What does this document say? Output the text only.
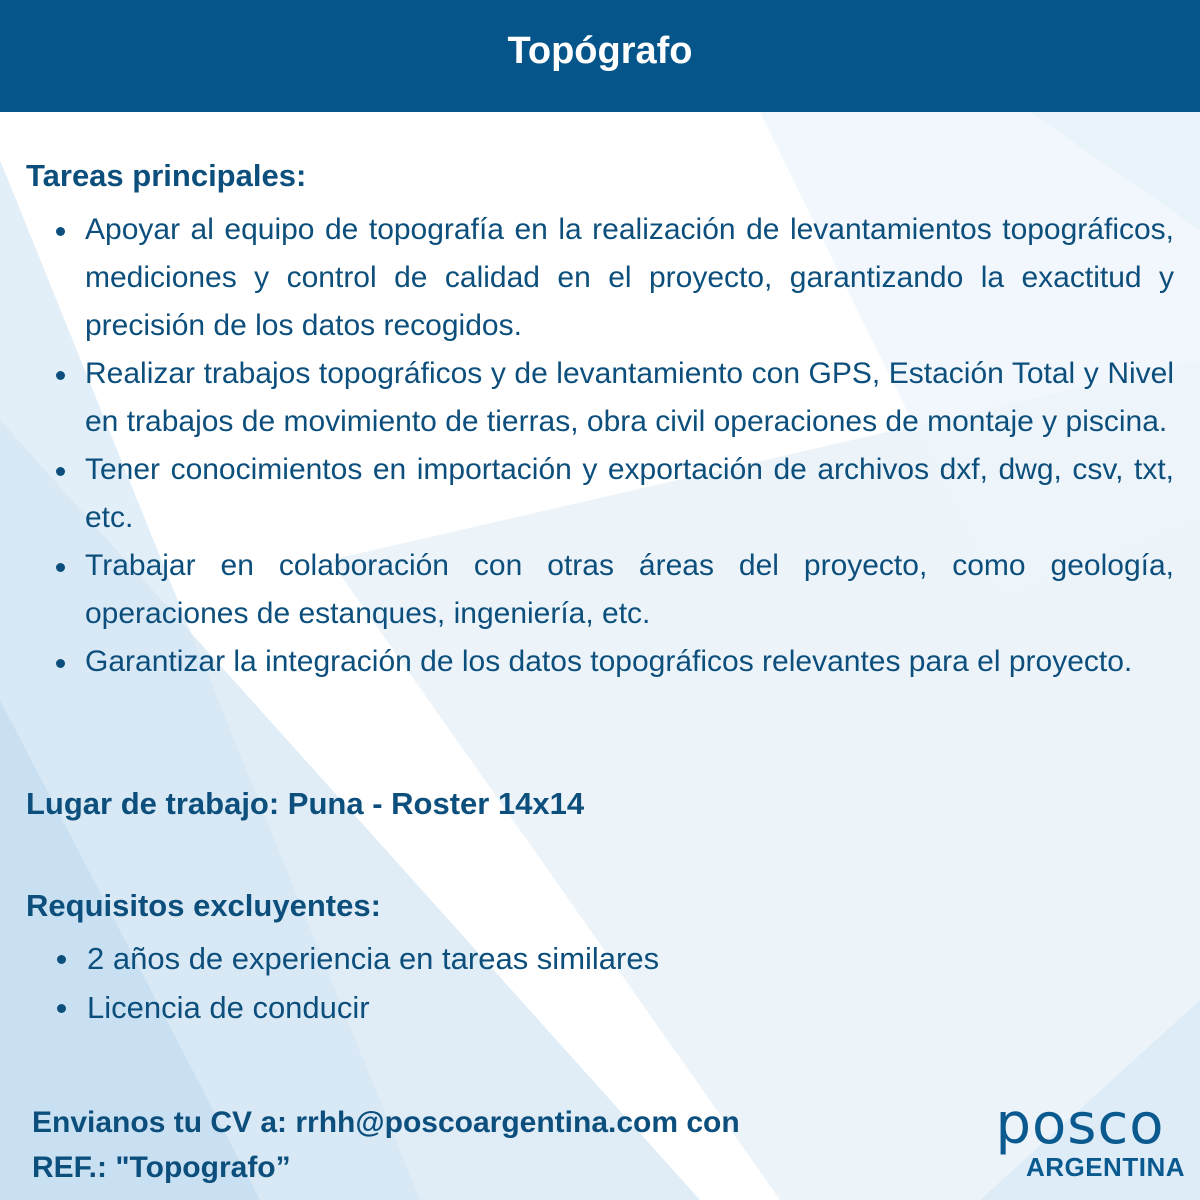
Topógrafo
Tareas principales:
Apoyar al equipo de topografía en la realización de levantamientos topográficos, mediciones y control de calidad en el proyecto, garantizando la exactitud y precisión de los datos recogidos.
Realizar trabajos topográficos y de levantamiento con GPS, Estación Total y Nivel en trabajos de movimiento de tierras, obra civil operaciones de montaje y piscina.
Tener conocimientos en importación y exportación de archivos dxf, dwg, csv, txt, etc.
Trabajar en colaboración con otras áreas del proyecto, como geología, operaciones de estanques, ingeniería, etc.
Garantizar la integración de los datos topográficos relevantes para el proyecto.
Lugar de trabajo: Puna - Roster 14x14
Requisitos excluyentes:
2 años de experiencia en tareas similares
Licencia de conducir
Envianos tu CV a: rrhh@poscoargentina.com con
REF.: "Topografo”
posco
ARGENTINA
